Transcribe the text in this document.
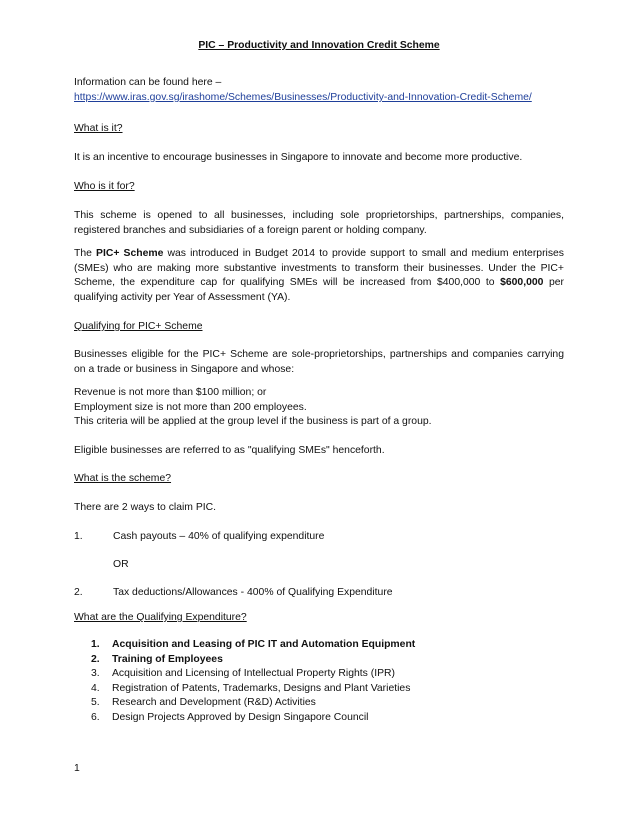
PIC – Productivity and Innovation Credit Scheme
Information can be found here –
https://www.iras.gov.sg/irashome/Schemes/Businesses/Productivity-and-Innovation-Credit-Scheme/
What is it?
It is an incentive to encourage businesses in Singapore to innovate and become more productive.
Who is it for?
This scheme is opened to all businesses, including sole proprietorships, partnerships, companies, registered branches and subsidiaries of a foreign parent or holding company.
The PIC+ Scheme was introduced in Budget 2014 to provide support to small and medium enterprises (SMEs) who are making more substantive investments to transform their businesses. Under the PIC+ Scheme, the expenditure cap for qualifying SMEs will be increased from $400,000 to $600,000 per qualifying activity per Year of Assessment (YA).
Qualifying for PIC+ Scheme
Businesses eligible for the PIC+ Scheme are sole-proprietorships, partnerships and companies carrying on a trade or business in Singapore and whose:
Revenue is not more than $100 million; or
Employment size is not more than 200 employees.
This criteria will be applied at the group level if the business is part of a group.
Eligible businesses are referred to as "qualifying SMEs" henceforth.
What is the scheme?
There are 2 ways to claim PIC.
1.	Cash payouts – 40% of qualifying expenditure
OR
2.	Tax deductions/Allowances - 400% of Qualifying Expenditure
What are the Qualifying Expenditure?
1. Acquisition and Leasing of PIC IT and Automation Equipment
2. Training of Employees
3. Acquisition and Licensing of Intellectual Property Rights (IPR)
4. Registration of Patents, Trademarks, Designs and Plant Varieties
5. Research and Development (R&D) Activities
6. Design Projects Approved by Design Singapore Council
1
